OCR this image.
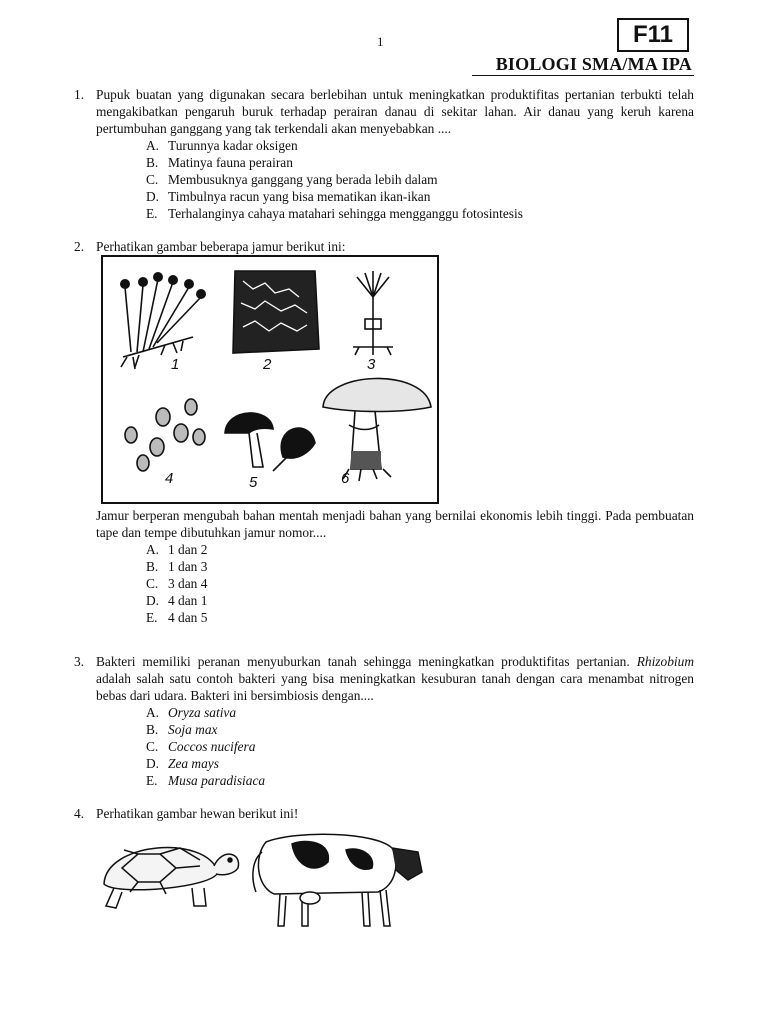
1	F11
BIOLOGI SMA/MA IPA
1. Pupuk buatan yang digunakan secara berlebihan untuk meningkatkan produktifitas pertanian terbukti telah mengakibatkan pengaruh buruk terhadap perairan danau di sekitar lahan. Air danau yang keruh karena pertumbuhan ganggang yang tak terkendali akan menyebabkan ....
A. Turunnya kadar oksigen
B. Matinya fauna perairan
C. Membusuknya ganggang yang berada lebih dalam
D. Timbulnya racun yang bisa mematikan ikan-ikan
E. Terhalanginya cahaya matahari sehingga mengganggu fotosintesis
2. Perhatikan gambar beberapa jamur berikut ini:
1	2	3
4	5	6
Jamur berperan mengubah bahan mentah menjadi bahan yang bernilai ekonomis lebih tinggi. Pada pembuatan tape dan tempe dibutuhkan jamur nomor....
A. 1 dan 2
B. 1 dan 3
C. 3 dan 4
D. 4 dan 1
E. 4 dan 5
3. Bakteri memiliki peranan menyuburkan tanah sehingga meningkatkan produktifitas pertanian. Rhizobium adalah salah satu contoh bakteri yang bisa meningkatkan kesuburan tanah dengan cara menambat nitrogen bebas dari udara. Bakteri ini bersimbiosis dengan....
A. Oryza sativa
B. Soja max
C. Coccos nucifera
D. Zea mays
E. Musa paradisiaca
4. Perhatikan gambar hewan berikut ini!
